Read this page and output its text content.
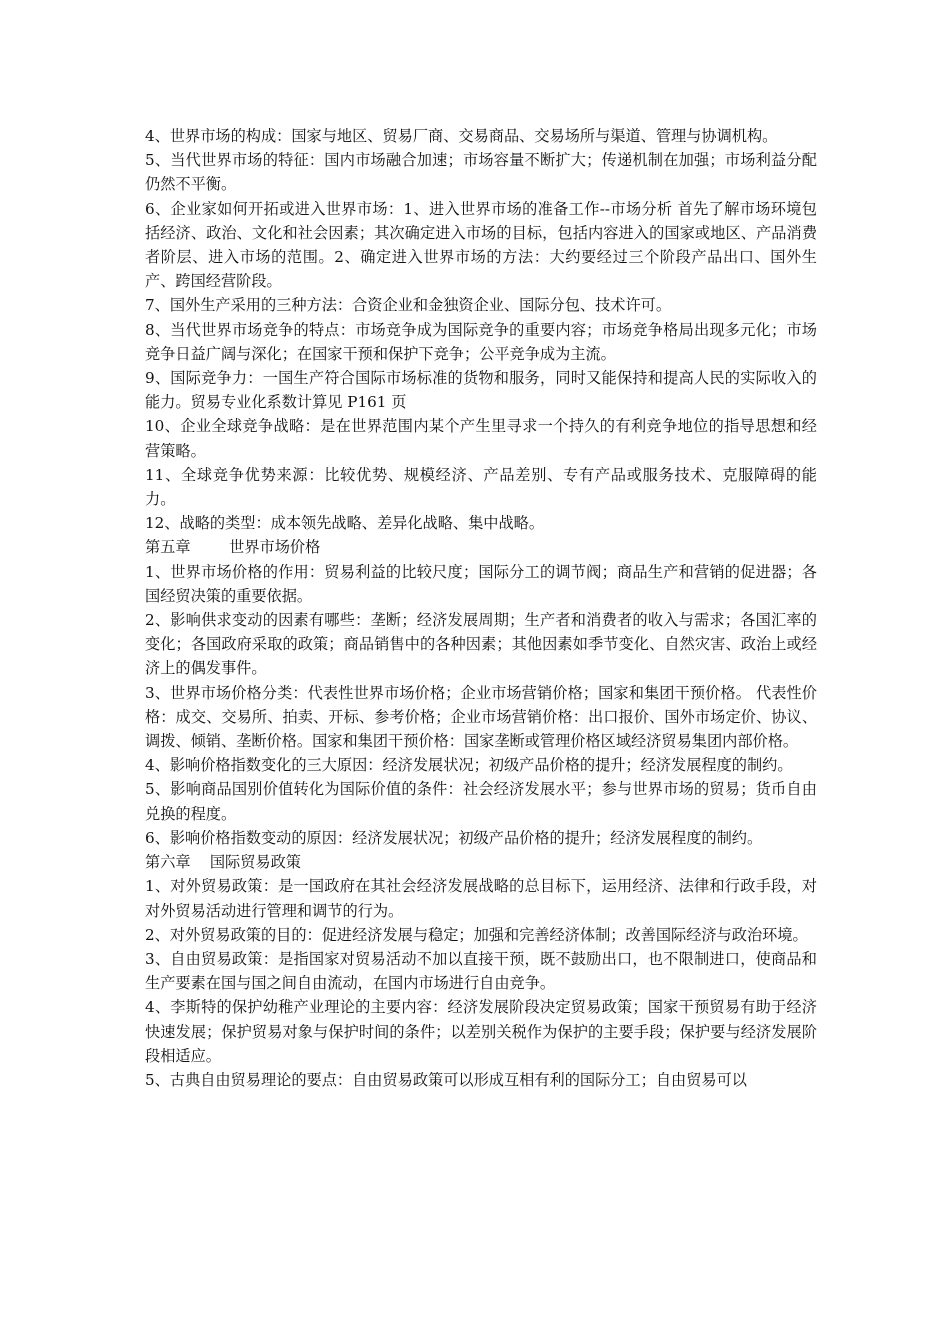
4、世界市场的构成：国家与地区、贸易厂商、交易商品、交易场所与渠道、管理与协调机构。

5、当代世界市场的特征：国内市场融合加速；市场容量不断扩大；传递机制在加强；市场利益分配仍然不平衡。

6、企业家如何开拓或进入世界市场：1、进入世界市场的准备工作--市场分析 首先了解市场环境包括经济、政治、文化和社会因素；其次确定进入市场的目标，包括内容进入的国家或地区、产品消费者阶层、进入市场的范围。2、确定进入世界市场的方法：大约要经过三个阶段产品出口、国外生产、跨国经营阶段。

7、国外生产采用的三种方法：合资企业和金独资企业、国际分包、技术许可。

8、当代世界市场竞争的特点：市场竞争成为国际竞争的重要内容；市场竞争格局出现多元化；市场竞争日益广阔与深化；在国家干预和保护下竞争；公平竞争成为主流。

9、国际竞争力：一国生产符合国际市场标准的货物和服务，同时又能保持和提高人民的实际收入的能力。贸易专业化系数计算见 P161 页

10、企业全球竞争战略：是在世界范围内某个产生里寻求一个持久的有利竞争地位的指导思想和经营策略。

11、全球竞争优势来源：比较优势、规模经济、产品差别、专有产品或服务技术、克服障碍的能力。

12、战略的类型：成本领先战略、差异化战略、集中战略。

第五章        世界市场价格

1、世界市场价格的作用：贸易利益的比较尺度；国际分工的调节阀；商品生产和营销的促进器；各国经贸决策的重要依据。

2、影响供求变动的因素有哪些：垄断；经济发展周期；生产者和消费者的收入与需求；各国汇率的变化；各国政府采取的政策；商品销售中的各种因素；其他因素如季节变化、自然灾害、政治上或经济上的偶发事件。

3、世界市场价格分类：代表性世界市场价格；企业市场营销价格；国家和集团干预价格。 代表性价格：成交、交易所、拍卖、开标、参考价格；企业市场营销价格：出口报价、国外市场定价、协议、调拨、倾销、垄断价格。国家和集团干预价格：国家垄断或管理价格区域经济贸易集团内部价格。

4、影响价格指数变化的三大原因：经济发展状况；初级产品价格的提升；经济发展程度的制约。

5、影响商品国别价值转化为国际价值的条件：社会经济发展水平；参与世界市场的贸易；货币自由兑换的程度。

6、影响价格指数变动的原因：经济发展状况；初级产品价格的提升；经济发展程度的制约。

第六章    国际贸易政策

1、对外贸易政策：是一国政府在其社会经济发展战略的总目标下，运用经济、法律和行政手段，对对外贸易活动进行管理和调节的行为。

2、对外贸易政策的目的：促进经济发展与稳定；加强和完善经济体制；改善国际经济与政治环境。

3、自由贸易政策：是指国家对贸易活动不加以直接干预，既不鼓励出口，也不限制进口，使商品和生产要素在国与国之间自由流动，在国内市场进行自由竞争。

4、李斯特的保护幼稚产业理论的主要内容：经济发展阶段决定贸易政策；国家干预贸易有助于经济快速发展；保护贸易对象与保护时间的条件；以差别关税作为保护的主要手段；保护要与经济发展阶段相适应。

5、古典自由贸易理论的要点：自由贸易政策可以形成互相有利的国际分工；自由贸易可以
